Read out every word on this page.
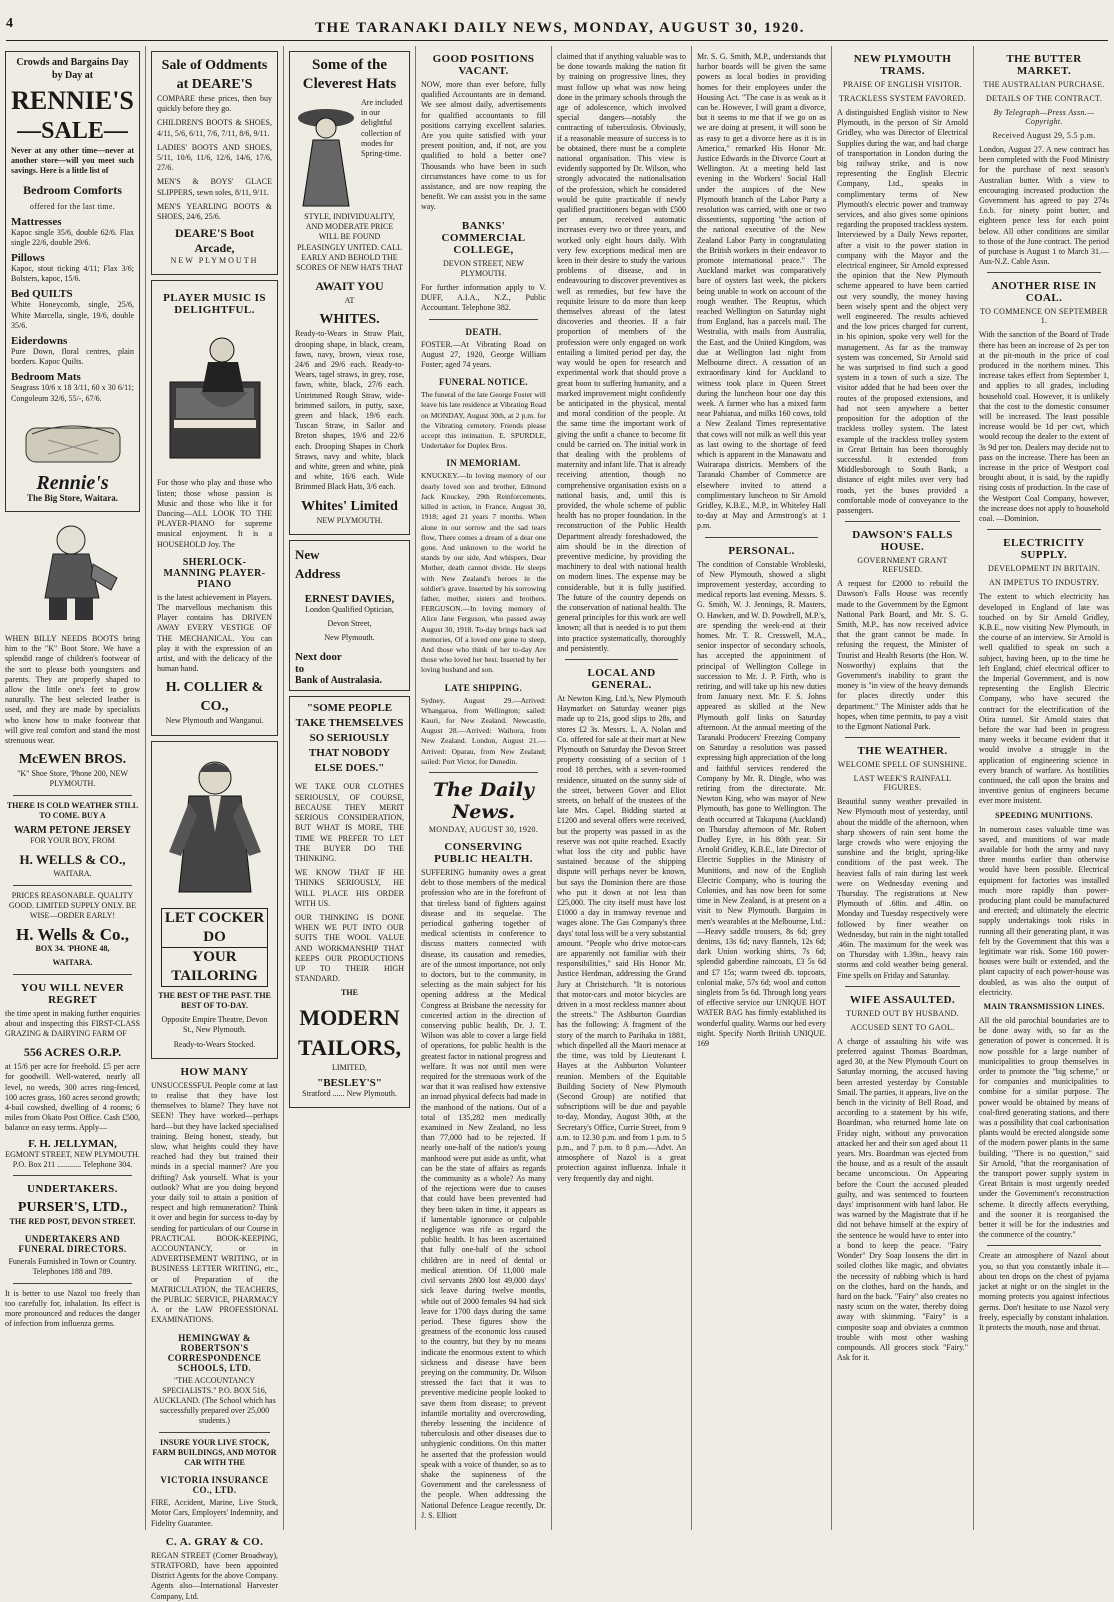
4	THE TARANAKI DAILY NEWS, MONDAY, AUGUST 30, 1920.
Crowds and Bargains Day by Day at
RENNIE'S
—SALE—
Never at any other time—never at another store—will you meet such savings. Here is a little list of
Bedroom Comforts
offered for the last time.
Mattresses
Kapoc single 35/6, double 62/6. Flax single 22/6, double 29/6.
Pillows
Kapoc, stout ticking 4/11; Flax 3/6; Bolsters, kapoc, 15/6.
Bed QUILTS
White Honeycomb, single, 25/6, White Marcella, single, 19/6, double 35/6.
Eiderdowns
Pure Down, floral centres, plain borders. Kapoc Quilts.
Bedroom Mats
Seagrass 10/6 x 18 3/11, 60 x 30 6/11; Congoleum 32/6, 55/-, 67/6.
Rennie's
The Big Store, Waitara.
WHEN BILLY NEEDS BOOTS bring him to the "K" Boot Store. We have a splendid range of children's footwear of the sort to please both youngsters and parents. They are properly shaped to allow the little one's feet to grow naturally. The best selected leather is used, and they are made by specialists who know how to make footwear that will give real comfort and stand the most strenuous wear.
McEWEN BROS.
"K" Shoe Store, 'Phone 200, NEW PLYMOUTH.
THERE IS COLD WEATHER STILL TO COME. BUY A
WARM PETONE JERSEY
FOR YOUR BOY, FROM
H. WELLS & CO.,
WAITARA.
PRICES REASONABLE. QUALITY GOOD. LIMITED SUPPLY ONLY. BE WISE—ORDER EARLY!
H. Wells & Co.,
BOX 34. 'PHONE 48,
WAITARA.
YOU WILL NEVER REGRET
the time spent in making further enquiries about and inspecting this FIRST-CLASS GRAZING & DAIRYING FARM OF
556 ACRES O.R.P.
at 15/6 per acre for freehold. £5 per acre for goodwill. Well-watered, nearly all level, no weeds, 300 acres ring-fenced, 100 acres grass, 160 acres second growth; 4-bail cowshed, dwelling of 4 rooms; 6 miles from Okato Post Office. Cash £500, balance on easy terms. Apply—
F. H. JELLYMAN,
EGMONT STREET, NEW PLYMOUTH. P.O. Box 211 ............ Telephone 304.
UNDERTAKERS.
PURSER'S, LTD.,
THE RED POST, DEVON STREET.
UNDERTAKERS AND FUNERAL DIRECTORS.
Funerals Furnished in Town or Country. Telephones 188 and 789.
It is better to use Nazol too freely than too carefully for, inhalation. Its effect is more pronounced and reduces the danger of infection from influenza germs.
Sale of Oddments at DEARE'S
COMPARE these prices, then buy quickly before they go.
CHILDREN'S BOOTS & SHOES, 4/11, 5/6, 6/11, 7/6, 7/11, 8/6, 9/11.
LADIES' BOOTS AND SHOES, 5/11, 10/6, 11/6, 12/6, 14/6, 17/6, 27/6.
MEN'S & BOYS' GLACE SLIPPERS, sewn soles, 8/11, 9/11.
MEN'S YEARLING BOOTS & SHOES, 24/6, 25/6.
DEARE'S Boot Arcade,
NEW PLYMOUTH
PLAYER MUSIC IS DELIGHTFUL.
For those who play and those who listen; those whose passion is Music and those who like it for Dancing—ALL LOOK TO THE PLAYER-PIANO for supreme musical enjoyment. It is a HOUSEHOLD Joy. The
SHERLOCK-MANNING PLAYER-PIANO
is the latest achievement in Players. The marvellous mechanism this Player contains has DRIVEN AWAY EVERY VESTIGE OF THE MECHANICAL. You can play it with the expression of an artist, and with the delicacy of the human hand.
H. COLLIER & CO.,
New Plymouth and Wanganui.
LET COCKER DO
YOUR TAILORING
THE BEST OF THE PAST. THE BEST OF TO-DAY.
Opposite Empire Theatre, Devon St., New Plymouth.
Ready-to-Wears Stocked.
HOW MANY
UNSUCCESSFUL People come at last to realise that they have lost themselves to blame? They have not SEEN! They have worked—perhaps hard—but they have lacked specialised training. Being honest, steady, but slow, what heights could they have reached had they but trained their minds in a special manner? Are you drifting? Ask yourself. What is your outlook? What are you doing beyond your daily toil to attain a position of respect and high remuneration? Think it over and begin for success to-day by sending for particulars of our Course in PRACTICAL BOOK-KEEPING, ACCOUNTANCY, or in ADVERTISEMENT WRITING, or in BUSINESS LETTER WRITING, etc., or of Preparation of the MATRICULATION, the TEACHERS, the PUBLIC SERVICE, PHARMACY A. or the LAW PROFESSIONAL EXAMINATIONS.
HEMINGWAY & ROBERTSON'S CORRESPONDENCE SCHOOLS, LTD.
"THE ACCOUNTANCY SPECIALISTS." P.O. BOX 516, AUCKLAND. (The School which has successfully prepared over 25,000 students.)
INSURE YOUR LIVE STOCK, FARM BUILDINGS, AND MOTOR CAR WITH THE
VICTORIA INSURANCE CO., LTD.
FIRE, Accident, Marine, Live Stock, Motor Cars, Employers' Indemnity, and Fidelity Guarantee.
C. A. GRAY & CO.
REGAN STREET (Corner Broadway), STRATFORD, have been appointed District Agents for the above Company. Agents also—International Harvester Company, Ltd.
Some of the Cleverest Hats
Are included in our delightful collection of modes for Spring-time.
STYLE, INDIVIDUALITY, AND MODERATE PRICE WILL BE FOUND PLEASINGLY UNITED. CALL EARLY AND BEHOLD THE SCORES OF NEW HATS THAT
AWAIT YOU
AT
WHITES.
Ready-to-Wears in Straw Plait, drooping shape, in black, cream, fawn, navy, brown, vieux rose, 24/6 and 29/6 each. Ready-to-Wears, tagel straws, in grey, rose, fawn, white, black, 27/6 each. Untrimmed Rough Straw, wide-brimmed sailors, in putty, saxe, green and black, 19/6 each. Tuscan Straw, in Sailor and Breton shapes, 19/6 and 22/6 each. Drooping Shapes in Chork Straws, navy and white, black and white, green and white, pink and white, 16/6 each. Wide Brimmed Black Hats, 3/6 each.
Whites' Limited
NEW PLYMOUTH.
New
Address
ERNEST DAVIES,
London Qualified Optician,
Devon Street,
New Plymouth.
Next door
to
Bank of Australasia.
"SOME PEOPLE TAKE THEMSELVES SO SERIOUSLY THAT NOBODY ELSE DOES."
WE TAKE OUR CLOTHES SERIOUSLY, OF COURSE, BECAUSE THEY MERIT SERIOUS CONSIDERATION, BUT WHAT IS MORE, THE TIME WE PREFER TO LET THE BUYER DO THE THINKING.
WE KNOW THAT IF HE THINKS SERIOUSLY, HE WILL PLACE HIS ORDER WITH US.
OUR THINKING IS DONE WHEN WE PUT INTO OUR SUITS THE WOOL VALUE AND WORKMANSHIP THAT KEEPS OUR PRODUCTIONS UP TO THEIR HIGH STANDARD.
THE
MODERN
TAILORS,
LIMITED,
"BESLEY'S"
Stratford ...... New Plymouth.
GOOD POSITIONS VACANT.
NOW, more than ever before, fully qualified Accountants are in demand. We see almost daily, advertisements for qualified accountants to fill positions carrying excellent salaries. Are you quite satisfied with your present position, and, if not, are you qualified to hold a better one? Thousands who have been in such circumstances have come to us for assistance, and are now reaping the benefit. We can assist you in the same way.
BANKS' COMMERCIAL COLLEGE,
DEVON STREET, NEW PLYMOUTH.
For further information apply to V. DUFF, A.I.A., N.Z., Public Accountant. Telephone 382.
DEATH.
FOSTER.—At Vibrating Road on August 27, 1920, George William Foster; aged 74 years.
FUNERAL NOTICE.
The funeral of the late George Foster will leave his late residence at Vibrating Road on MONDAY, August 30th, at 2 p.m. for the Vibrating cemetery. Friends please accept this intimation. E. SPURDLE, Undertaker for Duplex Bros.
IN MEMORIAM.
KNUCKEY.—In loving memory of our dearly loved son and brother, Edmund Jack Knuckey, 29th Reinforcements, killed in action, in France, August 30, 1918; aged 21 years 7 months. When alone in our sorrow and the sad tears flow, There comes a dream of a dear one gone. And unknown to the world he stands by our side, And whispers, Dear Mother, death cannot divide. He sleeps with New Zealand's heroes in the soldier's grave. Inserted by his sorrowing father, mother, sisters and brothers. FERGUSON.—In loving memory of Alice Jane Ferguson, who passed away August 30, 1918. To-day brings back sad memories, Of a loved one gone to sleep, And those who think of her to-day Are those who loved her best. Inserted by her loving husband and son.
LATE SHIPPING.
Sydney, August 29.—Arrived: Whangaroa, from Wellington; sailed: Kauri, for New Zealand. Newcastle, August 28.—Arrived: Waihora, from New Zealand. London, August 21.—Arrived: Oparau, from New Zealand; sailed: Port Victor, for Dunedin.
The Daily News.
MONDAY, AUGUST 30, 1920.
CONSERVING PUBLIC HEALTH.
SUFFERING humanity owes a great debt to those members of the medical profession who are in the forefront of that tireless band of fighters against disease and its sequelae. The periodical gathering together of medical scientists in conference to discuss matters connected with disease, its causation and remedies, are of the utmost importance, not only to doctors, but to the community, in selecting as the main subject for his opening address at the Medical Congress at Brisbane the necessity for concerted action in the direction of conserving public health, Dr. J. T. Wilson was able to cover a large field of operations, for public health is the greatest factor in national progress and welfare. It was not until men were required for the strenuous work of the war that it was realised how extensive an inroad physical defects had made in the manhood of the nations. Out of a total of 135,282 men medically examined in New Zealand, no less than 77,000 had to be rejected. If nearly one-half of the nation's young manhood were put aside as unfit, what can be the state of affairs as regards the community as a whole? As many of the rejections were due to causes that could have been prevented had they been taken in time, it appears as if lamentable ignorance or culpable negligence was rife as regard the public health. It has been ascertained that fully one-half of the school children are in need of dental or medical attention. Of 11,000 male civil servants 2800 lost 49,000 days' sick leave during twelve months, while out of 2000 females 94 had sick leave for 1700 days during the same period. These figures show the greatness of the economic loss caused to the country, but they by no means indicate the enormous extent to which sickness and disease have been preying on the community. Dr. Wilson stressed the fact that it was to preventive medicine people looked to save them from disease; to prevent infantile mortality and overcrowding, thereby lessening the incidence of tuberculosis and other diseases due to unhygienic conditions. On this matter he asserted that the profession would speak with a voice of thunder, so as to shake the supineness of the Government and the carelessness of the people. When addressing the National Defence League recently, Dr. J. S. Elliott
claimed that if anything valuable was to be done towards making the nation fit by training on progressive lines, they must follow up what was now being done in the primary schools through the age of adolescence, which involved special dangers—notably the contracting of tuberculosis. Obviously, if a reasonable measure of success is to be obtained, there must be a complete national organisation. This view is evidently supported by Dr. Wilson, who strongly advocated the nationalisation of the profession, which he considered would be quite practicable if newly qualified practitioners began with £500 per annum, received automatic increases every two or three years, and worked only eight hours daily. With very few exceptions medical men are keen in their desire to study the various problems of disease, and in endeavouring to discover preventives as well as remedies, but few have the requisite leisure to do more than keep themselves abreast of the latest discoveries and theories. If a fair proportion of members of the profession were only engaged on work entailing a limited period per day, the way would be open for research and experimental work that should prove a great boon to suffering humanity, and a marked improvement might confidently be anticipated in the physical, mental and moral condition of the people. At the same time the important work of giving the unfit a chance to become fit could be carried on. The initial work in that dealing with the problems of maternity and infant life. That is already receiving attention, though no comprehensive organisation exists on a national basis, and, until this is provided, the whole scheme of public health has no proper foundation. In the reconstruction of the Public Health Department already foreshadowed, the aim should be in the direction of preventive medicine, by providing the machinery to deal with national health on modern lines. The expense may be considerable, but it is fully justified. The future of the country depends on the conservation of national health. The general principles for this work are well known; all that is needed is to put them into practice systematically, thoroughly and persistently.
LOCAL AND GENERAL.
At Newton King, Ltd.'s, New Plymouth Haymarket on Saturday weaner pigs made up to 21s, good slips to 28s, and stores £2 3s. Messrs. L. A. Nolan and Co. offered for sale at their mart at New Plymouth on Saturday the Devon Street property consisting of a section of 1 rood 18 perches, with a seven-roomed residence, situated on the sunny side of the street, between Gover and Eliot streets, on behalf of the trustees of the late Mrs. Capel. Bidding started at £1200 and several offers were received, but the property was passed in as the reserve was not quite reached. Exactly what loss the city and public have sustained because of the shipping dispute will perhaps never be known, but says the Dominion there are those who put it down at not less than £25,000. The city itself must have lost £1000 a day in tramway revenue and wages alone. The Gas Company's three days' total loss will be a very substantial amount. "People who drive motor-cars are apparently not familiar with their responsibilities," said His Honor Mr. Justice Herdman, addressing the Grand Jury at Christchurch. "It is notorious that motor-cars and motor bicycles are driven in a most reckless manner about the streets." The Ashburton Guardian has the following: A fragment of the story of the march to Parihaka in 1881, which dispelled all the Maori menace at the time, was told by Lieutenant I. Hayes at the Ashburton Volunteer reunion. Members of the Equitable Building Society of New Plymouth (Second Group) are notified that subscriptions will be due and payable to-day, Monday, August 30th, at the Secretary's Office, Currie Street, from 9 a.m. to 12.30 p.m. and from 1 p.m. to 5 p.m., and 7 p.m. to 8 p.m.—Advt. An atmosphere of Nazol is a great protection against influenza. Inhale it very frequently day and night.
Mr. S. G. Smith, M.P., understands that harbor boards will be given the same powers as local bodies in providing homes for their employees under the Housing Act. "The case is as weak as it can be. However, I will grant a divorce, but it seems to me that if we go on as we are doing at present, it will soon be as easy to get a divorce here as it is in America," remarked His Honor Mr. Justice Edwards in the Divorce Court at Wellington. At a meeting held last evening in the Workers' Social Hall under the auspices of the New Plymouth branch of the Labor Party a resolution was carried, with one or two dissentients, supporting "the action of the national executive of the New Zealand Labor Party in congratulating the British workers in their endeavor to promote international peace." The Auckland market was comparatively bare of oysters last week, the pickers being unable to work on account of the rough weather. The Reuptus, which reached Wellington on Saturday night from England, has a parcels mail. The Westralia, with mails from Australia, the East, and the United Kingdom, was due at Wellington last night from Melbourne direct. A cessation of an extraordinary kind for Auckland to witness took place in Queen Street during the luncheon hour one day this week. A farmer who has a mixed farm near Pahiatua, and milks 160 cows, told a New Zealand Times representative that cows will not milk as well this year as last owing to the shortage of feed which is apparent in the Manawatu and Wairarapa districts. Members of the Taranaki Chamber of Commerce are elsewhere invited to attend a complimentary luncheon to Sir Arnold Gridley, K.B.E., M.P., in Whiteley Hall to-day at May and Armstrong's at 1 p.m.
PERSONAL.
The condition of Constable Wrobleski, of New Plymouth, showed a slight improvement yesterday, according to medical reports last evening. Messrs. S. G. Smith, W. J. Jennings, R. Masters, O. Hawken, and W. D. Powdrell, M.P.'s, are spending the week-end at their homes. Mr. T. R. Cresswell, M.A., senior inspector of secondary schools, has accepted the appointment of principal of Wellington College in succession to Mr. J. P. Firth, who is retiring, and will take up his new duties from January next. Mr. F. S. Johns appeared as skilled at the New Plymouth golf links on Saturday afternoon. At the annual meeting of the Taranaki Producers' Freezing Company on Saturday a resolution was passed expressing high appreciation of the long and faithful services rendered the Company by Mr. R. Dingle, who was retiring from the directorate. Mr. Newton King, who was mayor of New Plymouth, has gone to Wellington. The death occurred at Takapuna (Auckland) on Thursday afternoon of Mr. Robert Dudley Eyre, in his 80th year. Sir Arnold Gridley, K.B.E., late Director of Electric Supplies in the Ministry of Munitions, and now of the English Electric Company, who is touring the Colonies, and has now been for some time in New Zealand, is at present on a visit to New Plymouth. Bargains in men's wearables at the Melbourne, Ltd.:—Heavy saddle trousers, 8s 6d; grey denims, 13s 6d; navy flannels, 12s 6d; dark Union working shirts, 7s 6d; splendid gaberdine raincoats, £3 5s 6d and £7 15s; warm tweed db. topcoats, colonial make, 57s 6d; wool and cotton singlets from 5s 6d. Through long years of effective service our UNIQUE HOT WATER BAG has firmly established its wonderful quality. Warms our bed every night. Specify North British UNIQUE. 169
NEW PLYMOUTH TRAMS.
PRAISE OF ENGLISH VISITOR.
TRACKLESS SYSTEM FAVORED.
A distinguished English visitor to New Plymouth, in the person of Sir Arnold Gridley, who was Director of Electrical Supplies during the war, and had charge of transportation in London during the big railway strike, and is now representing the English Electric Company, Ltd., speaks in complimentary terms of New Plymouth's electric power and tramway services, and also gives some opinions regarding the proposed trackless system. Interviewed by a Daily News reporter, after a visit to the power station in company with the Mayor and the electrical engineer, Sir Arnold expressed the opinion that the New Plymouth scheme appeared to have been carried out very soundly, the money having been wisely spent and the object very well engineered. The results achieved and the low prices charged for current, in his opinion, spoke very well for the management. As far as the tramway system was concerned, Sir Arnold said he was surprised to find such a good system in a town of such a size. The visitor added that he had been over the routes of the proposed extensions, and had not seen anywhere a better proposition for the adoption of the trackless trolley system. The latest example of the trackless trolley system in Great Britain has been thoroughly successful. It extended from Middlesborough to South Bank, a distance of eight miles over very bad roads, yet the buses provided a comfortable mode of conveyance to the passengers.
DAWSON'S FALLS HOUSE.
GOVERNMENT GRANT REFUSED.
A request for £2000 to rebuild the Dawson's Falls House was recently made to the Government by the Egmont National Park Board, and Mr. S. G. Smith, M.P., has now received advice that the grant cannot be made. In refusing the request, the Minister of Tourist and Health Resorts (the Hon. W. Nosworthy) explains that the Government's inability to grant the money is "in view of the heavy demands for places directly under this department." The Minister adds that he hopes, when time permits, to pay a visit to the Egmont National Park.
THE WEATHER.
WELCOME SPELL OF SUNSHINE.
LAST WEEK'S RAINFALL FIGURES.
Beautiful sunny weather prevailed in New Plymouth most of yesterday, until about the middle of the afternoon, when sharp showers of rain sent home the large crowds who were enjoying the sunshine and the bright, spring-like conditions of the past week. The heaviest falls of rain during last week were on Wednesday evening and Thursday. The registrations at New Plymouth of .68in. and .48in. on Monday and Tuesday respectively were followed by finer weather on Wednesday, but rain in the night totalled .46in. The maximum for the week was on Thursday with 1.39in., heavy rain storms and cold weather being general. Fine spells on Friday and Saturday.
WIFE ASSAULTED.
TURNED OUT BY HUSBAND.
ACCUSED SENT TO GAOL.
A charge of assaulting his wife was preferred against Thomas Boardman, aged 30, at the New Plymouth Court on Saturday morning, the accused having been arrested yesterday by Constable Smail. The parties, it appears, live on the bench in the vicinity of Bell Road, and according to a statement by his wife, Boardman, who returned home late on Friday night, without any provocation attacked her and their son aged about 11 years. Mrs. Boardman was ejected from the house, and as a result of the assault became unconscious. On Appearing before the Court the accused pleaded guilty, and was sentenced to fourteen days' imprisonment with hard labor. He was warned by the Magistrate that if he did not behave himself at the expiry of the sentence he would have to enter into a bond to keep the peace. "Fairy Wonder" Dry Soap loosens the dirt in soiled clothes like magic, and obviates the necessity of rubbing which is hard on the clothes, hard on the hands, and hard on the back. "Fairy" also creates no nasty scum on the water, thereby doing away with skimming. "Fairy" is a composite soap and obviates a common trouble with most other washing compounds. All grocers stock "Fairy." Ask for it.
THE BUTTER MARKET.
THE AUSTRALIAN PURCHASE.
DETAILS OF THE CONTRACT.
By Telegraph—Press Assn.—Copyright.
Received August 29, 5.5 p.m.
London, August 27. A new contract has been completed with the Food Ministry for the purchase of next season's Australian butter. With a view to encouraging increased production the Government has agreed to pay 274s f.o.b. for ninety point butter, and eighteen pence less for each point below. All other conditions are similar to those of the June contract. The period of purchase is August 1 to March 31.—Aus-N.Z. Cable Assn.
ANOTHER RISE IN COAL.
TO COMMENCE ON SEPTEMBER 1.
With the sanction of the Board of Trade there has been an increase of 2s per ton at the pit-mouth in the price of coal produced in the northern mines. This increase takes effect from September 1, and applies to all grades, including household coal. However, it is unlikely that the cost to the domestic consumer will be increased. The least possible increase would be 1d per cwt, which would recoup the dealer to the extent of 3s 9d per ton. Dealers may decide not to pass on the increase. There has been an increase in the price of Westport coal brought about, it is said, by the rapidly rising costs of production. In the case of the Westport Coal Company, however, the increase does not apply to household coal. —Dominion.
ELECTRICITY SUPPLY.
DEVELOPMENT IN BRITAIN.
AN IMPETUS TO INDUSTRY.
The extent to which electricity has developed in England of late was touched on by Sir Arnold Gridley, K.B.E., now visiting New Plymouth, in the course of an interview. Sir Arnold is well qualified to speak on such a subject, having been, up to the time he left England, chief electrical officer to the Imperial Government, and is now representing the English Electric Company, who have secured the contract for the electrification of the Otira tunnel. Sir Arnold states that before the war had been in progress many weeks it became evident that it would involve a struggle in the application of engineering science in every branch of warfare. As hostilities continued, the call upon the brains and inventive genius of engineers became ever more insistent.
SPEEDING MUNITIONS.
In numerous cases valuable time was saved, and munitions of war made available for both the army and navy three months earlier than otherwise would have been possible. Electrical equipment for factories was installed much more rapidly than power-producing plant could be manufactured and erected; and ultimately the electric supply undertakings took risks in running all their generating plant, it was felt by the Government that this was a legitimate war risk. Some 160 power-houses were built or extended, and the plant capacity of each power-house was doubled, as was also the output of electricity.
MAIN TRANSMISSION LINES.
All the old parochial boundaries are to be done away with, so far as the generation of power is concerned. It is now possible for a large number of municipalities to group themselves in order to promote the "big scheme," or for companies and municipalities to combine for a similar purpose. The power would be obtained by means of coal-fired generating stations, and there was a possibility that coal carbonisation plants would be erected alongside some of the modern power plants in the same building. "There is no question," said Sir Arnold, "that the reorganisation of the transport power supply system in Great Britain is most urgently needed under the Government's reconstruction scheme. It directly affects everything, and the sooner it is reorganised the better it will be for the industries and the commerce of the country."
Create an atmosphere of Nazol about you, so that you constantly inhale it—about ten drops on the chest of pyjama jacket at night or on the singlet in the morning protects you against infectious germs. Don't hesitate to use Nazol very freely, especially by constant inhalation. It protects the mouth, nose and throat.
